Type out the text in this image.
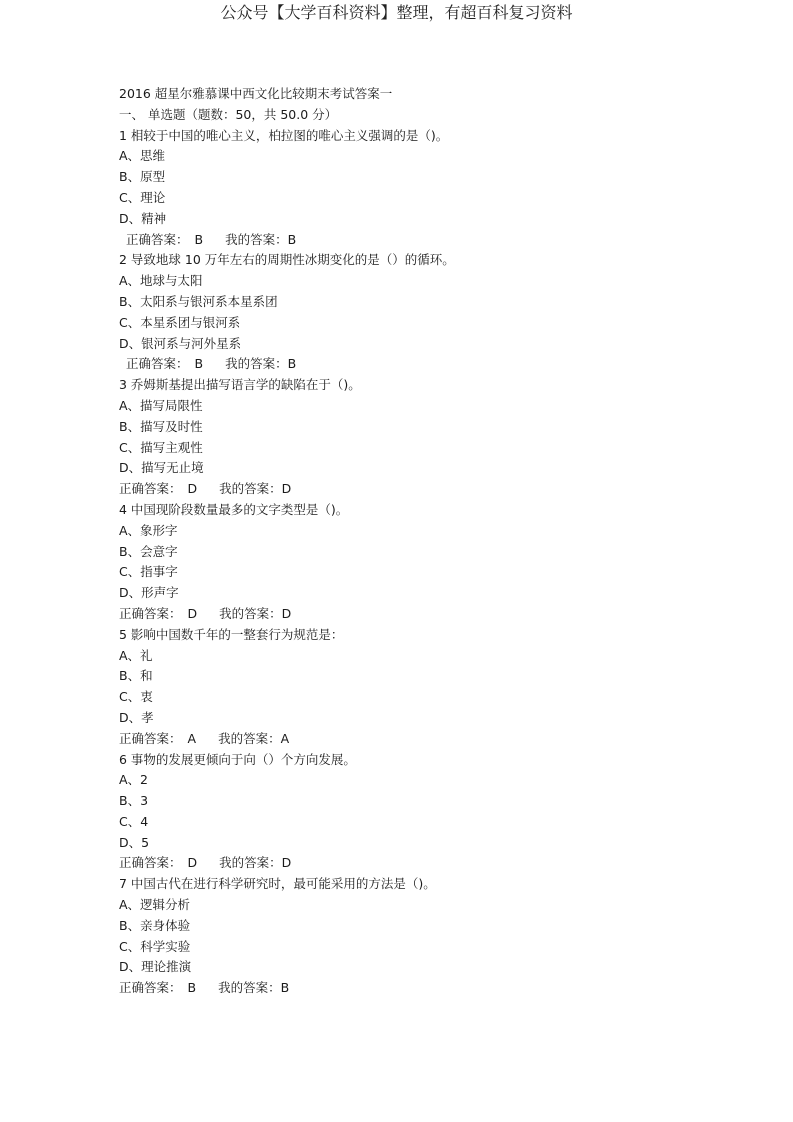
公众号【大学百科资料】整理，有超百科复习资料

2016 超星尔雅慕课中西文化比较期末考试答案一

一、 单选题（题数：50，共 50.0 分）

1 相较于中国的唯心主义，柏拉图的唯心主义强调的是（)。

A、思维

B、原型

C、理论

D、精神

正确答案： B 我的答案：B

2 导致地球 10 万年左右的周期性冰期变化的是（）的循环。

A、地球与太阳

B、太阳系与银河系本星系团

C、本星系团与银河系

D、银河系与河外星系

正确答案： B 我的答案：B

3 乔姆斯基提出描写语言学的缺陷在于（)。

A、描写局限性

B、描写及时性

C、描写主观性

D、描写无止境

正确答案： D 我的答案：D

4 中国现阶段数量最多的文字类型是（)。

A、象形字

B、会意字

C、指事字

D、形声字

正确答案： D 我的答案：D

5 影响中国数千年的一整套行为规范是：

A、礼

B、和

C、衷

D、孝

正确答案： A 我的答案：A

6 事物的发展更倾向于向（）个方向发展。

A、2

B、3

C、4

D、5

正确答案： D 我的答案：D

7 中国古代在进行科学研究时，最可能采用的方法是（)。

A、逻辑分析

B、亲身体验

C、科学实验

D、理论推演

正确答案： B 我的答案：B
